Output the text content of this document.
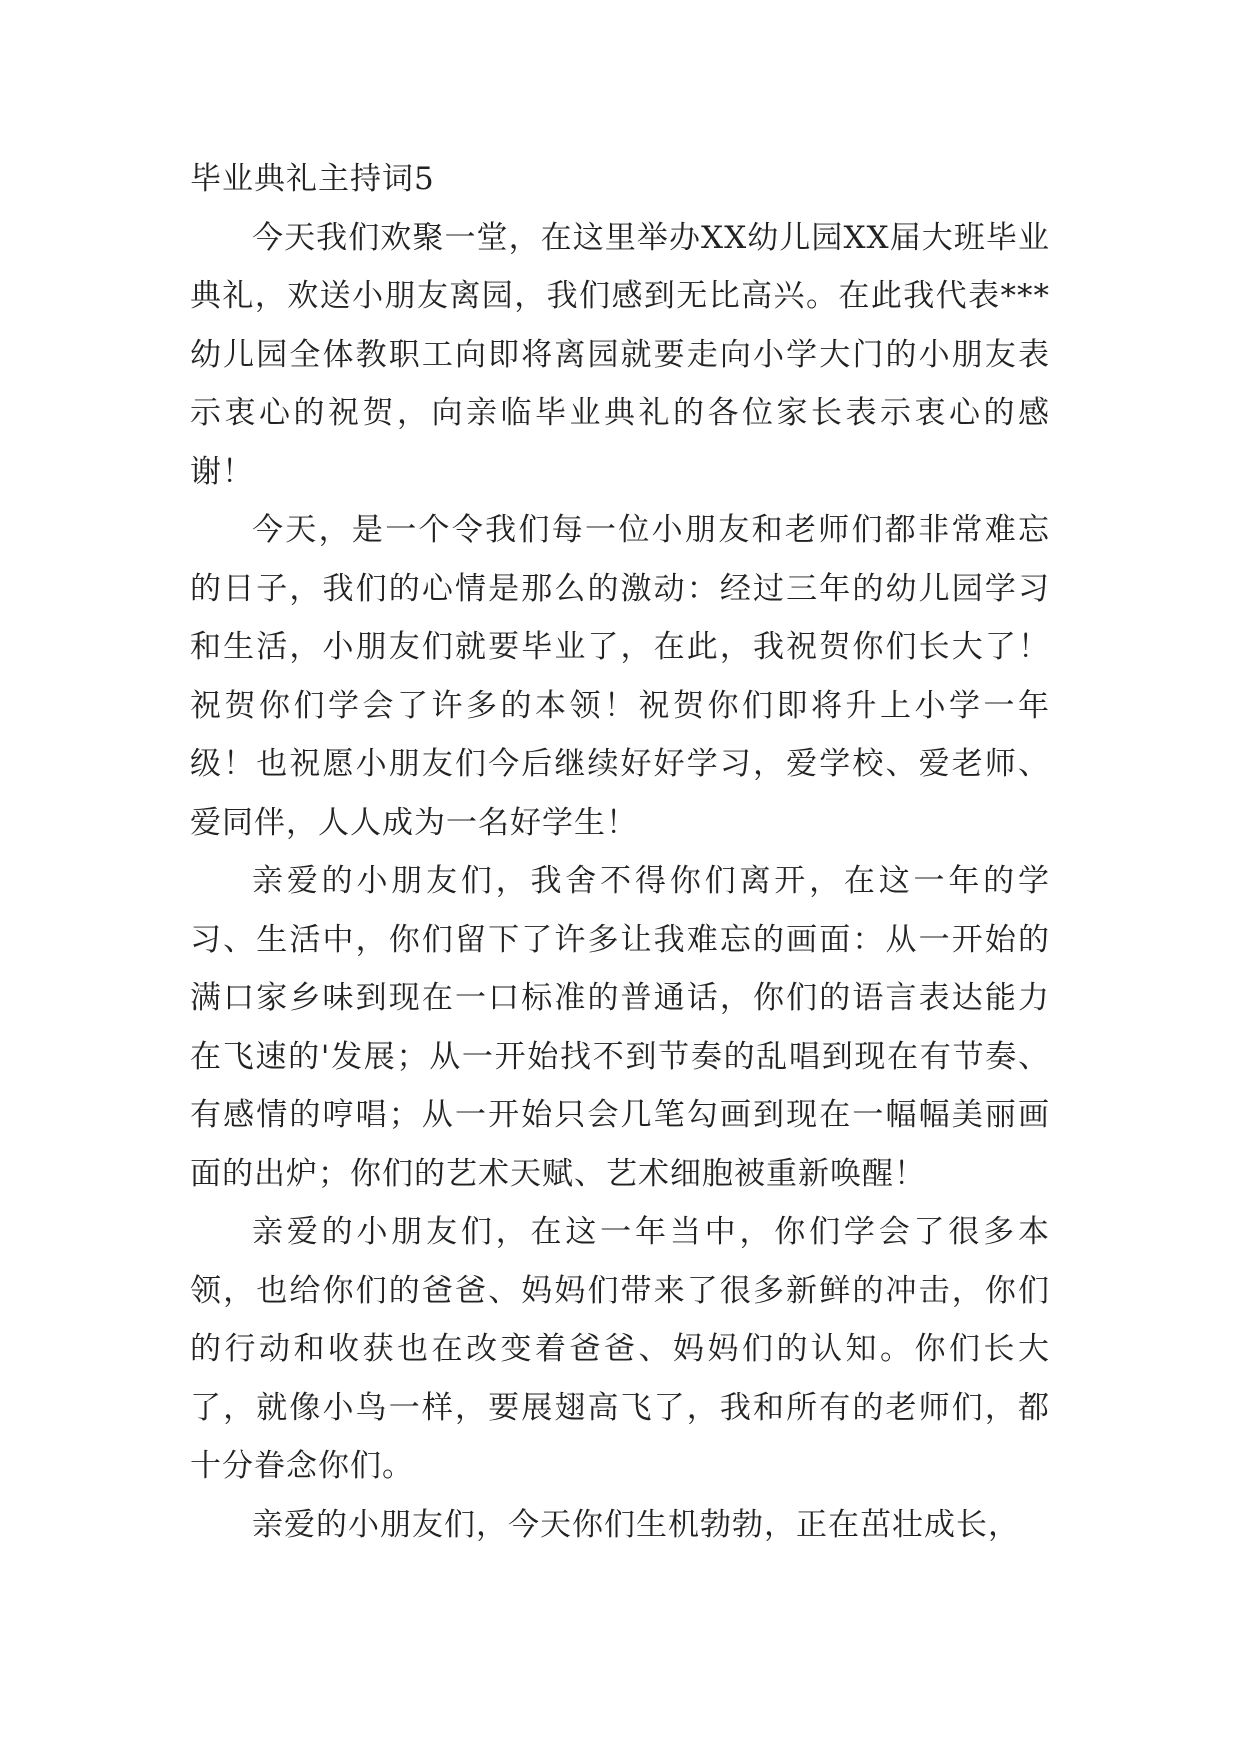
毕业典礼主持词5

今天我们欢聚一堂，在这里举办XX幼儿园XX届大班毕业典礼，欢送小朋友离园，我们感到无比高兴。在此我代表***幼儿园全体教职工向即将离园就要走向小学大门的小朋友表示衷心的祝贺，向亲临毕业典礼的各位家长表示衷心的感谢！

今天，是一个令我们每一位小朋友和老师们都非常难忘的日子，我们的心情是那么的激动：经过三年的幼儿园学习和生活，小朋友们就要毕业了，在此，我祝贺你们长大了！祝贺你们学会了许多的本领！祝贺你们即将升上小学一年级！也祝愿小朋友们今后继续好好学习，爱学校、爱老师、爱同伴，人人成为一名好学生！

亲爱的小朋友们，我舍不得你们离开，在这一年的学习、生活中，你们留下了许多让我难忘的画面：从一开始的满口家乡味到现在一口标准的普通话，你们的语言表达能力在飞速的'发展；从一开始找不到节奏的乱唱到现在有节奏、有感情的哼唱；从一开始只会几笔勾画到现在一幅幅美丽画面的出炉；你们的艺术天赋、艺术细胞被重新唤醒！

亲爱的小朋友们，在这一年当中，你们学会了很多本领，也给你们的爸爸、妈妈们带来了很多新鲜的冲击，你们的行动和收获也在改变着爸爸、妈妈们的认知。你们长大了，就像小鸟一样，要展翅高飞了，我和所有的老师们，都十分眷念你们。

亲爱的小朋友们，今天你们生机勃勃，正在茁壮成长，
